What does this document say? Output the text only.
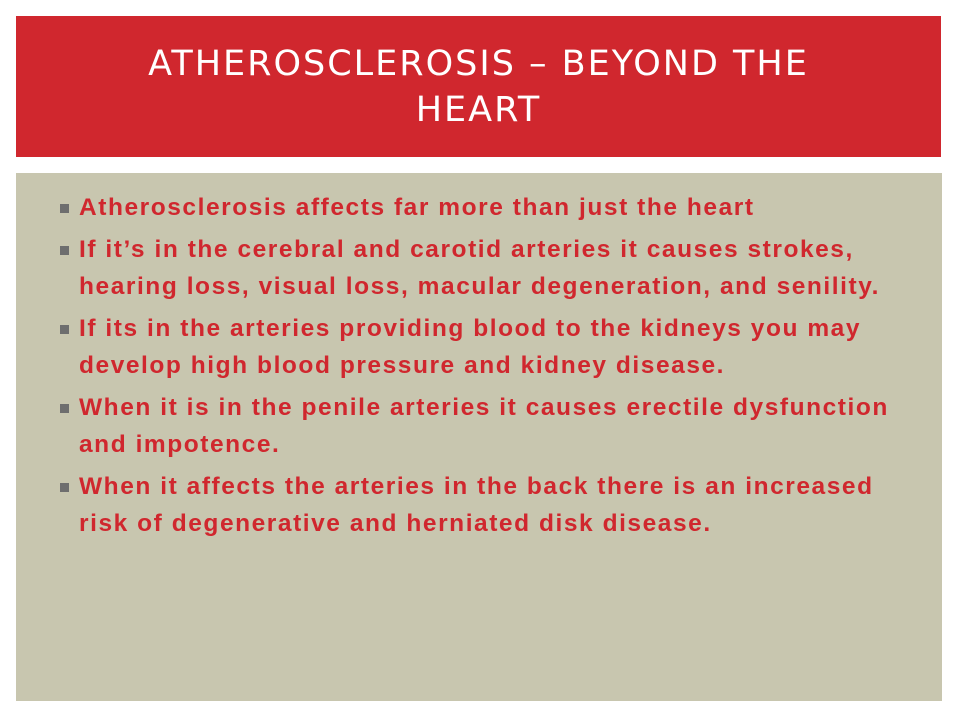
ATHEROSCLEROSIS – BEYOND THE HEART
Atherosclerosis affects far more than just the heart
If it’s in the cerebral and carotid arteries it causes strokes, hearing loss, visual loss, macular degeneration, and senility.
If its in the arteries providing blood to the kidneys you may develop high blood pressure and kidney disease.
When it is in the penile arteries it causes erectile dysfunction and impotence.
When it affects the arteries in the back there is an increased risk of degenerative and herniated disk disease.
